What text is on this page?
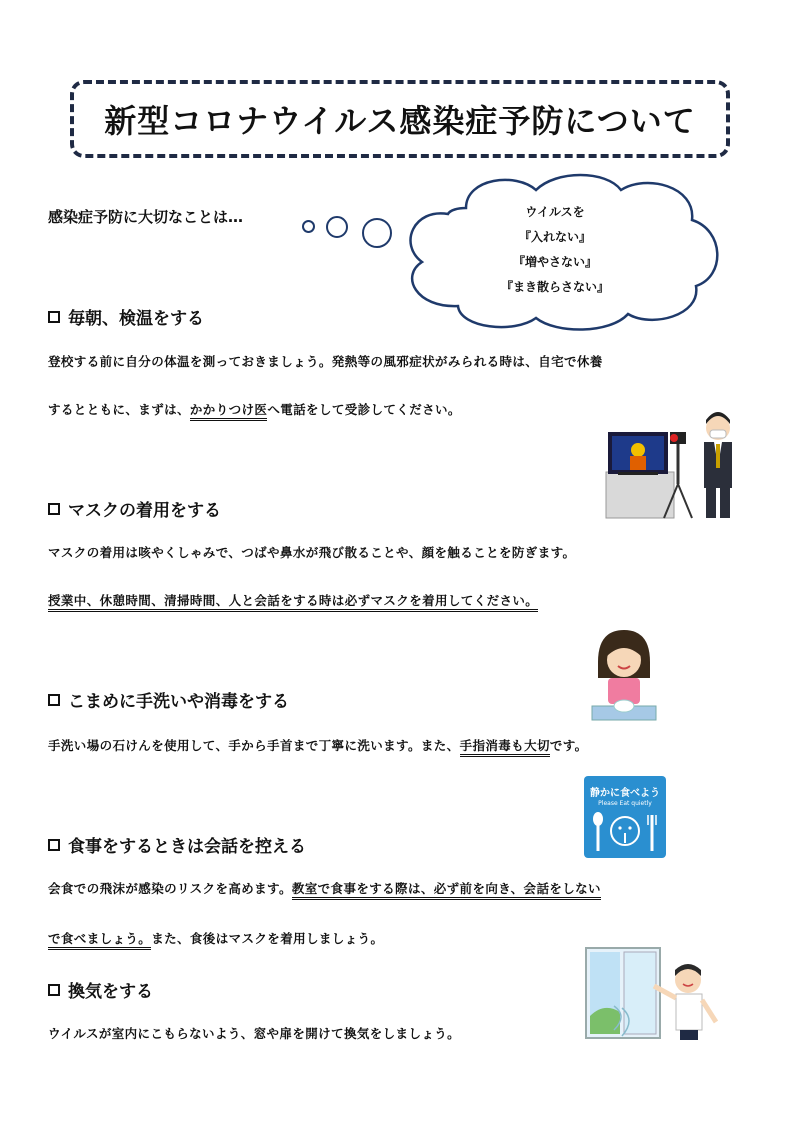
新型コロナウイルス感染症予防について
感染症予防に大切なことは…	ウイルスを
『入れない』
『増やさない』
『まき散らさない』
毎朝、検温をする
登校する前に自分の体温を測っておきましょう。発熱等の風邪症状がみられる時は、自宅で休養
するとともに、まずは、かかりつけ医へ電話をして受診してください。
マスクの着用をする
マスクの着用は咳やくしゃみで、つばや鼻水が飛び散ることや、顔を触ることを防ぎます。
授業中、休憩時間、清掃時間、人と会話をする時は必ずマスクを着用してください。
こまめに手洗いや消毒をする
手洗い場の石けんを使用して、手から手首まで丁寧に洗います。また、手指消毒も大切です。
静かに食べよう
Please Eat quietly
食事をするときは会話を控える
会食での飛沫が感染のリスクを高めます。教室で食事をする際は、必ず前を向き、会話をしない
で食べましょう。また、食後はマスクを着用しましょう。
換気をする
ウイルスが室内にこもらないよう、窓や扉を開けて換気をしましょう。
